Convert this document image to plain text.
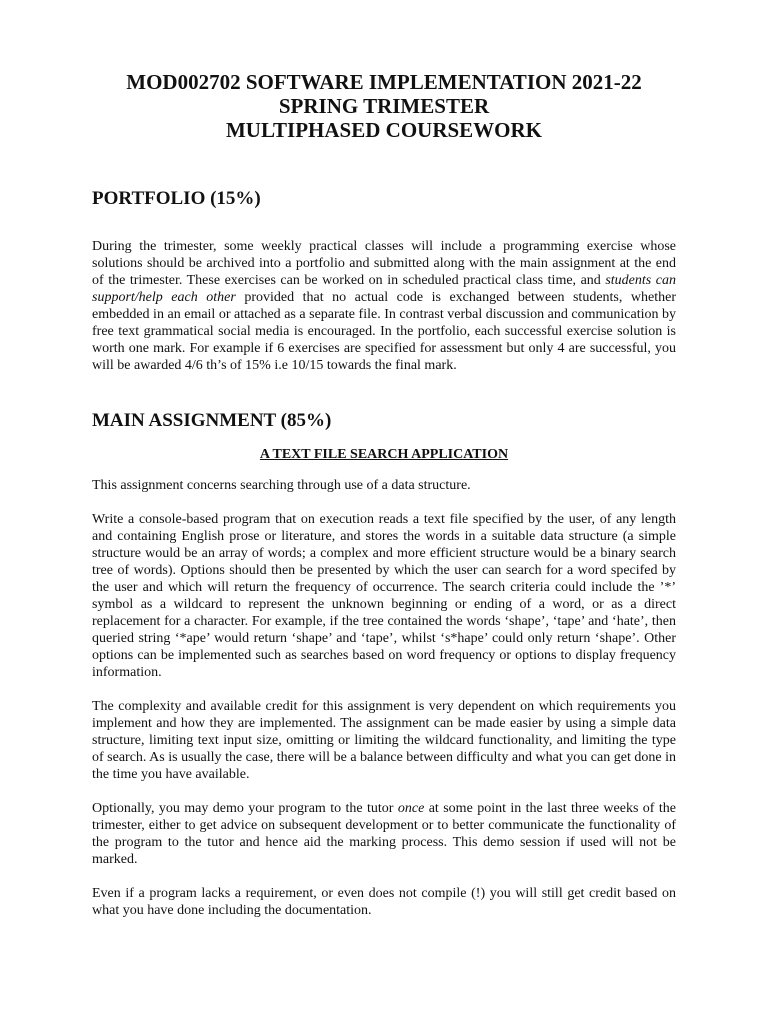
MOD002702 SOFTWARE IMPLEMENTATION 2021-22
SPRING TRIMESTER
MULTIPHASED COURSEWORK
PORTFOLIO (15%)

During the trimester, some weekly practical classes will include a programming exercise whose solutions should be archived into a portfolio and submitted along with the main assignment at the end of the trimester. These exercises can be worked on in scheduled practical class time, and students can support/help each other provided that no actual code is exchanged between students, whether embedded in an email or attached as a separate file. In contrast verbal discussion and communication by free text grammatical social media is encouraged. In the portfolio, each successful exercise solution is worth one mark. For example if 6 exercises are specified for assessment but only 4 are successful, you will be awarded 4/6 th’s of 15% i.e 10/15 towards the final mark.

MAIN ASSIGNMENT (85%)
A TEXT FILE SEARCH APPLICATION

This assignment concerns searching through use of a data structure.

Write a console-based program that on execution reads a text file specified by the user, of any length and containing English prose or literature, and stores the words in a suitable data structure (a simple structure would be an array of words; a complex and more efficient structure would be a binary search tree of words). Options should then be presented by which the user can search for a word specifed by the user and which will return the frequency of occurrence. The search criteria could include the ’*’ symbol as a wildcard to represent the unknown beginning or ending of a word, or as a direct replacement for a character. For example, if the tree contained the words ‘shape’, ‘tape’ and ‘hate’, then queried string ‘*ape’ would return ‘shape’ and ‘tape’, whilst ‘s*hape’ could only return ‘shape’. Other options can be implemented such as searches based on word frequency or options to display frequency information.

The complexity and available credit for this assignment is very dependent on which requirements you implement and how they are implemented. The assignment can be made easier by using a simple data structure, limiting text input size, omitting or limiting the wildcard functionality, and limiting the type of search. As is usually the case, there will be a balance between difficulty and what you can get done in the time you have available.

Optionally, you may demo your program to the tutor once at some point in the last three weeks of the trimester, either to get advice on subsequent development or to better communicate the functionality of the program to the tutor and hence aid the marking process. This demo session if used will not be marked.

Even if a program lacks a requirement, or even does not compile (!) you will still get credit based on what you have done including the documentation.
